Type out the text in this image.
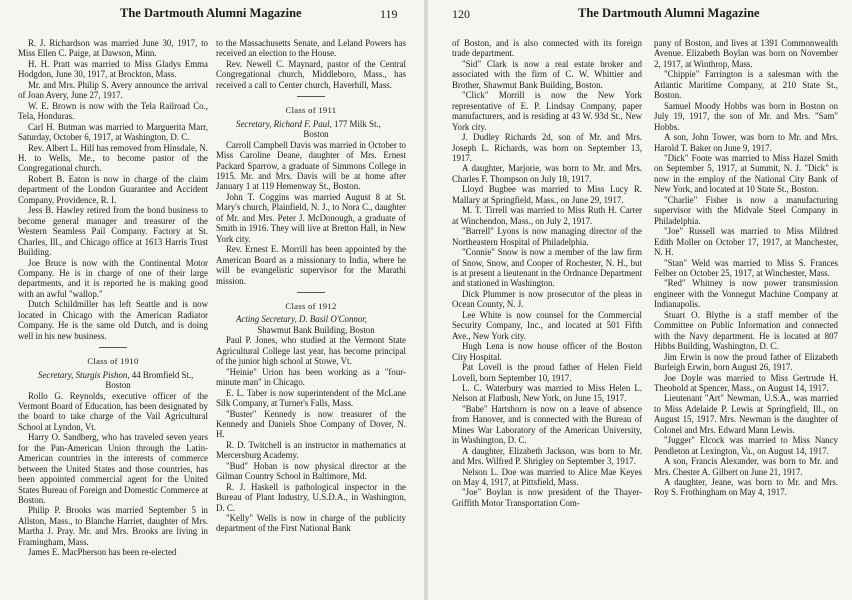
The Dartmouth Alumni Magazine	119

R. J. Richardson was married June 30, 1917, to Miss Ellen C. Paige, at Dawson, Minn.

H. H. Pratt was married to Miss Gladys Emma Hodgdon, June 30, 1917, at Brockton, Mass.

Mr. and Mrs. Philip S. Avery announce the arrival of Joan Avery, June 27, 1917.

W. E. Brown is now with the Tela Railroad Co., Tela, Honduras.

Carl H. Butman was married to Marguerita Marr, Saturday, October 6, 1917, at Washington, D. C.

Rev. Albert L. Hill has removed from Hinsdale, N. H. to Wells, Me., to become pastor of the Congregational church.

Robert B. Eaton is now in charge of the claim department of the London Guarantee and Accident Company, Providence, R. I.

Jess B. Hawley retired from the bond business to become general manager and treasurer of the Western Seamless Pail Company. Factory at St. Charles, Ill., and Chicago office at 1613 Harris Trust Building.

Joe Bruce is now with the Continental Motor Company. He is in charge of one of their large departments, and it is reported he is making good with an awful "wallop."

Dutch Schildmiller has left Seattle and is now located in Chicago with the American Radiator Company. He is the same old Dutch, and is doing well in his new business.

Class of 1910

Secretary, Sturgis Pishon, 44 Bromfield St.,

Boston

Rollo G. Reynolds, executive officer of the Vermont Board of Education, has been designated by the board to take charge of the Vail Agricultural School at Lyndon, Vt.

Harry O. Sandberg, who has traveled seven years for the Pan-American Union through the Latin-American countries in the interests of commerce between the United States and those countries, has been appointed commercial agent for the United States Bureau of Foreign and Domestic Commerce at Boston.

Philip P. Brooks was married September 5 in Allston, Mass., to Blanche Harriet, daughter of Mrs. Martha J. Pray. Mr. and Mrs. Brooks are living in Framingham, Mass.

James E. MacPherson has been re-elected

to the Massachusetts Senate, and Leland Powers has received an election to the House.

Rev. Newell C. Maynard, pastor of the Central Congregational church, Middleboro, Mass., has received a call to Center church, Haverhill, Mass.

Class of 1911

Secretary, Richard F. Paul, 177 Milk St.,

Boston

Carroll Campbell Davis was married in October to Miss Caroline Deane, daughter of Mrs. Ernest Packard Sparrow, a graduate of Simmons College in 1915. Mr. and Mrs. Davis will be at home after January 1 at 119 Hemenway St., Boston.

John T. Coggins was married August 8 at St. Mary's church, Plainfield, N. J., to Nora C., daughter of Mr. and Mrs. Peter J. McDonough, a graduate of Smith in 1916. They will live at Bretton Hall, in New York city.

Rev. Ernest E. Morrill has been appointed by the American Board as a missionary to India, where he will be evangelistic supervisor for the Marathi mission.

Class of 1912

Acting Secretary, D. Basil O'Connor,

Shawmut Bank Building, Boston

Paul P. Jones, who studied at the Vermont State Agricultural College last year, has become principal of the junior high school at Stowe, Vt.

"Heinie" Urion has been working as a "four-minute man" in Chicago.

E. L. Taber is now superintendent of the McLane Silk Company, at Turner's Falls, Mass.

"Buster" Kennedy is now treasurer of the Kennedy and Daniels Shoe Company of Dover, N. H.

R. D. Twitchell is an instructor in mathematics at Mercersburg Academy.

"Bud" Hoban is now physical director at the Gilman Country School in Baltimore, Md.

R. J. Haskell is pathological inspector in the Bureau of Plant Industry, U.S.D.A., in Washington, D. C.

"Kelly" Wells is now in charge of the publicity department of the First National Bank

120	The Dartmouth Alumni Magazine

of Boston, and is also connected with its foreign trade department.

"Sid" Clark is now a real estate broker and associated with the firm of C. W. Whittier and Brother, Shawmut Bank Building, Boston.

"Click" Morrill is now the New York representative of E. P. Lindsay Company, paper manufacturers, and is residing at 43 W. 93d St., New York city.

J. Dudley Richards 2d, son of Mr. and Mrs. Joseph L. Richards, was born on September 13, 1917.

A daughter, Marjorie, was born to Mr. and Mrs. Charles F. Thompson on July 18, 1917.

Lloyd Bugbee was married to Miss Lucy R. Mallary at Springfield, Mass., on June 29, 1917.

M. T. Tirrell was married to Miss Ruth H. Carter at Winchendon, Mass., on July 2, 1917.

"Barrell" Lyons is now managing director of the Northeastern Hospital of Philadelphia.

"Connie" Snow is now a member of the law firm of Snow, Snow, and Cooper of Rochester, N. H., but is at present a lieutenant in the Ordnance Department and stationed in Washington.

Dick Plummer is now prosecutor of the pleas in Ocean County, N. J.

Lee White is now counsel for the Commercial Security Company, Inc., and located at 501 Fifth Ave., New York city.

Hugh Lena is now house officer of the Boston City Hospital.

Pat Lovell is the proud father of Helen Field Lovell, born September 10, 1917.

L. C. Waterbury was married to Miss Helen L. Nelson at Flatbush, New York, on June 15, 1917.

"Babe" Hartshorn is now on a leave of absence from Hanover, and is connected with the Bureau of Mines War Laboratory of the American University, in Washington, D. C.

A daughter, Elizabeth Jackson, was born to Mr. and Mrs. Wilfred P. Shrigley on September 3, 1917.

Nelson L. Doe was married to Alice Mae Keyes on May 4, 1917, at Pittsfield, Mass.

"Joe" Boylan is now president of the Thayer-Griffith Motor Transportation Com-

pany of Boston, and lives at 1391 Commonwealth Avenue. Elizabeth Boylan was born on November 2, 1917, at Winthrop, Mass.

"Chippie" Farrington is a salesman with the Atlantic Maritime Company, at 210 State St., Boston.

Samuel Moody Hobbs was born in Boston on July 19, 1917, the son of Mr. and Mrs. "Sam" Hobbs.

A son, John Tower, was born to Mr. and Mrs. Harold T. Baker on June 9, 1917.

"Dick" Foote was married to Miss Hazel Smith on September 5, 1917, at Summit, N. J. "Dick" is now in the employ of the National City Bank of New York, and located at 10 State St., Boston.

"Charlie" Fisher is now a manufacturing supervisor with the Midvale Steel Company in Philadelphia.

"Joe" Russell was married to Miss Mildred Edith Moller on October 17, 1917, at Manchester, N. H.

"Stan" Weld was married to Miss S. Frances Felber on October 25, 1917, at Winchester, Mass.

"Red" Whitney is now power transmission engineer with the Vonnegut Machine Company at Indianapolis.

Stuart O. Blythe is a staff member of the Committee on Public Information and connected with the Navy department. He is located at 807 Hibbs Building, Washington, D. C.

Jim Erwin is now the proud father of Elizabeth Burleigh Erwin, born August 26, 1917.

Joe Doyle was married to Miss Gertrude H. Theobold at Spencer, Mass., on August 14, 1917.

Lieutenant "Art" Newman, U.S.A., was married to Miss Adelaide P. Lewis at Springfield, Ill., on August 15, 1917. Mrs. Newman is the daughter of Colonel and Mrs. Edward Mann Lewis.

"Jugger" Elcock was married to Miss Nancy Pendleton at Lexington, Va., on August 14, 1917.

A son, Francis Alexander, was born to Mr. and Mrs. Chester A. Gilbert on June 21, 1917.

A daughter, Jeane, was born to Mr. and Mrs. Roy S. Frothingham on May 4, 1917.
